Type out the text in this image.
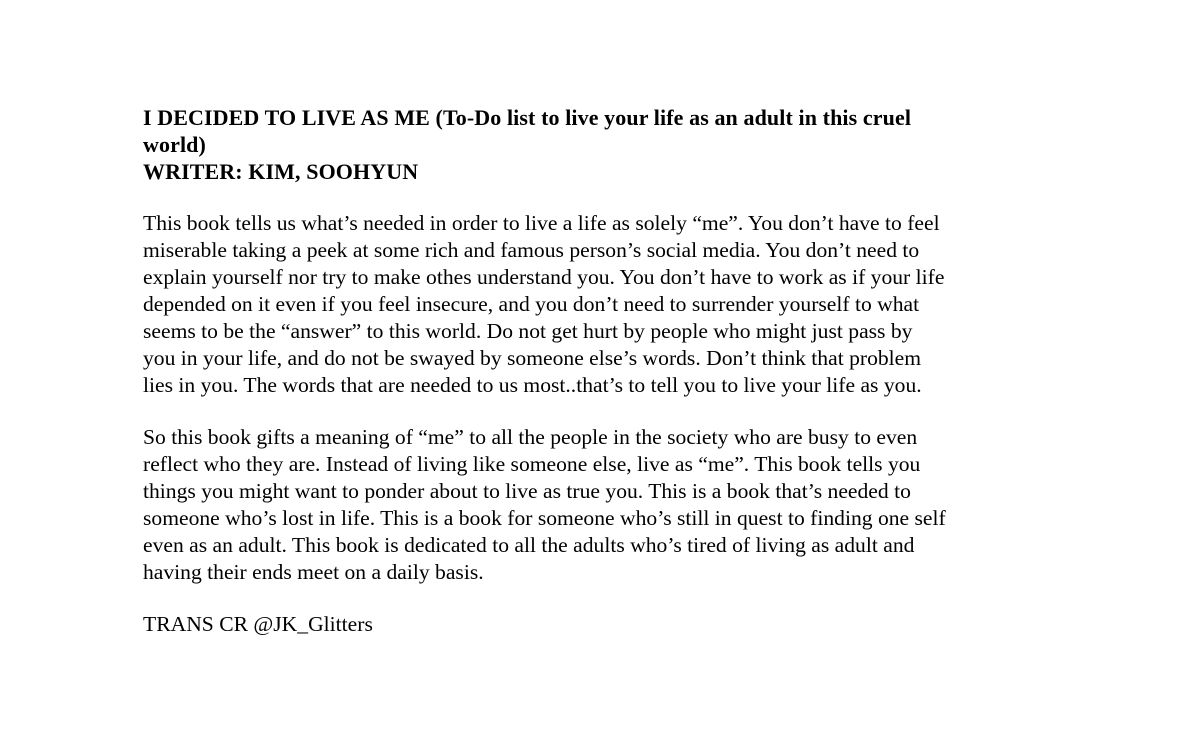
I DECIDED TO LIVE AS ME (To-Do list to live your life as an adult in this cruel
world)
WRITER: KIM, SOOHYUN

This book tells us what’s needed in order to live a life as solely “me”. You don’t have to feel
miserable taking a peek at some rich and famous person’s social media. You don’t need to
explain yourself nor try to make othes understand you. You don’t have to work as if your life
depended on it even if you feel insecure, and you don’t need to surrender yourself to what
seems to be the “answer” to this world. Do not get hurt by people who might just pass by
you in your life, and do not be swayed by someone else’s words. Don’t think that problem
lies in you. The words that are needed to us most..that’s to tell you to live your life as you.

So this book gifts a meaning of “me” to all the people in the society who are busy to even
reflect who they are. Instead of living like someone else, live as “me”. This book tells you
things you might want to ponder about to live as true you. This is a book that’s needed to
someone who’s lost in life. This is a book for someone who’s still in quest to finding one self
even as an adult. This book is dedicated to all the adults who’s tired of living as adult and
having their ends meet on a daily basis.

TRANS CR @JK_Glitters
